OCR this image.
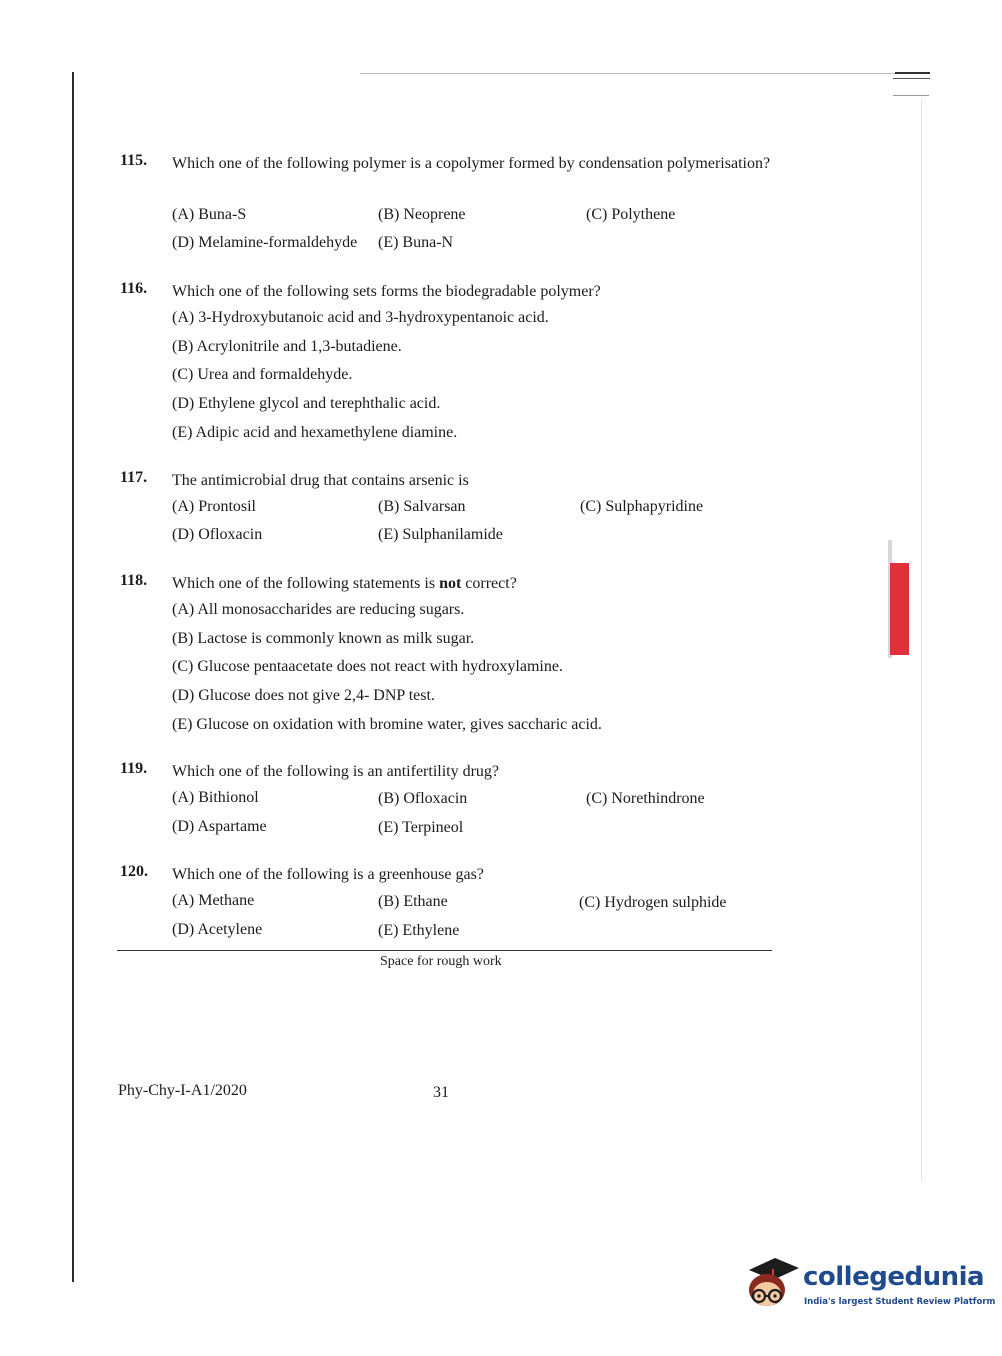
115. Which one of the following polymer is a copolymer formed by condensation polymerisation?
(A) Buna-S	(B) Neoprene	(C) Polythene
(D) Melamine-formaldehyde (E) Buna-N
116. Which one of the following sets forms the biodegradable polymer?
(A) 3-Hydroxybutanoic acid and 3-hydroxypentanoic acid.
(B) Acrylonitrile and 1,3-butadiene.
(C) Urea and formaldehyde.
(D) Ethylene glycol and terephthalic acid.
(E) Adipic acid and hexamethylene diamine.
117. The antimicrobial drug that contains arsenic is
(A) Prontosil	(B) Salvarsan	(C) Sulphapyridine
(D) Ofloxacin	(E) Sulphanilamide
118. Which one of the following statements is not correct?
(A) All monosaccharides are reducing sugars.
(B) Lactose is commonly known as milk sugar.
(C) Glucose pentaacetate does not react with hydroxylamine.
(D) Glucose does not give 2,4- DNP test.
(E) Glucose on oxidation with bromine water, gives saccharic acid.
119. Which one of the following is an antifertility drug?
(A) Bithionol	(B) Ofloxacin	(C) Norethindrone
(D) Aspartame	(E) Terpineol
120. Which one of the following is a greenhouse gas?
(A) Methane	(B) Ethane	(C) Hydrogen sulphide
(D) Acetylene	(E) Ethylene
Space for rough work
Phy-Chy-I-A1/2020	31
collegedunia
India's largest Student Review Platform
